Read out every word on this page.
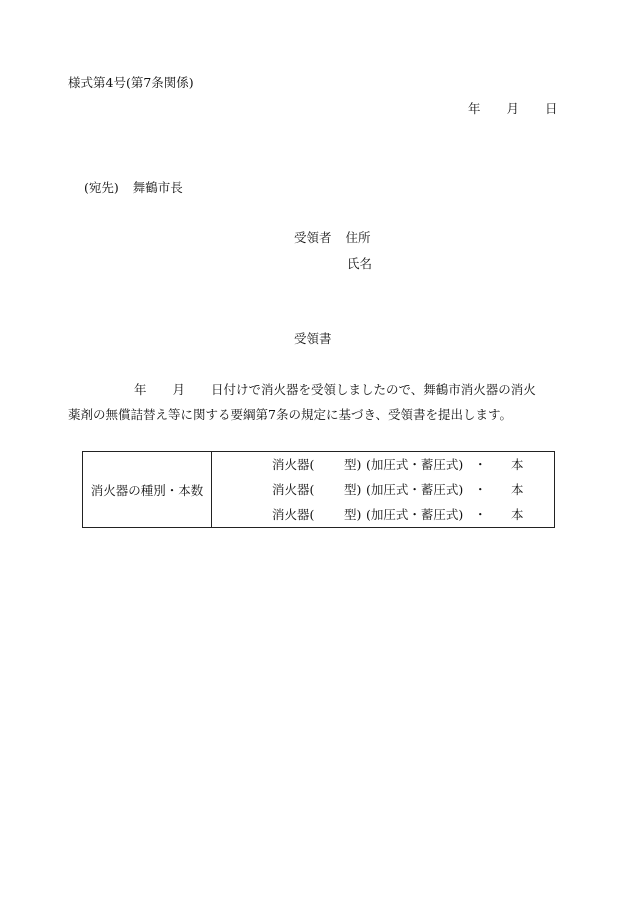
様式第4号(第7条関係)
年 月 日
(宛先) 舞鶴市長
受領者 住所
氏名
受領書
年 月 日付けで消火器を受領しましたので、舞鶴市消火器の消火
薬剤の無償詰替え等に関する要綱第7条の規定に基づき、受領書を提出します。
消火器の種別・本数	
消火器( 型) (加圧式・蓄圧式) ・ 本
消火器( 型) (加圧式・蓄圧式) ・ 本
消火器( 型) (加圧式・蓄圧式) ・ 本
